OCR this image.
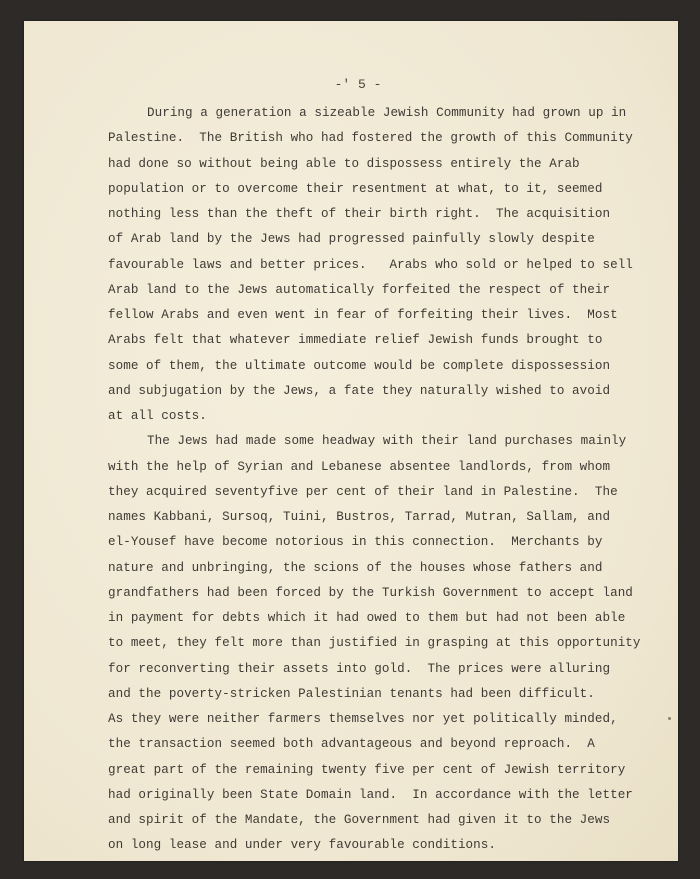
-' 5 -
During a generation a sizeable Jewish Community had grown up in
Palestine.  The British who had fostered the growth of this Community
had done so without being able to dispossess entirely the Arab
population or to overcome their resentment at what, to it, seemed
nothing less than the theft of their birth right.  The acquisition
of Arab land by the Jews had progressed painfully slowly despite
favourable laws and better prices.   Arabs who sold or helped to sell
Arab land to the Jews automatically forfeited the respect of their
fellow Arabs and even went in fear of forfeiting their lives.  Most
Arabs felt that whatever immediate relief Jewish funds brought to
some of them, the ultimate outcome would be complete dispossession
and subjugation by the Jews, a fate they naturally wished to avoid
at all costs.
The Jews had made some headway with their land purchases mainly
with the help of Syrian and Lebanese absentee landlords, from whom
they acquired seventyfive per cent of their land in Palestine.  The
names Kabbani, Sursoq, Tuini, Bustros, Tarrad, Mutran, Sallam, and
el-Yousef have become notorious in this connection.  Merchants by
nature and unbringing, the scions of the houses whose fathers and
grandfathers had been forced by the Turkish Government to accept land
in payment for debts which it had owed to them but had not been able
to meet, they felt more than justified in grasping at this opportunity
for reconverting their assets into gold.  The prices were alluring
and the poverty-stricken Palestinian tenants had been difficult.
As they were neither farmers themselves nor yet politically minded,
the transaction seemed both advantageous and beyond reproach.  A
great part of the remaining twenty five per cent of Jewish territory
had originally been State Domain land.  In accordance with the letter
and spirit of the Mandate, the Government had given it to the Jews
on long lease and under very favourable conditions.
